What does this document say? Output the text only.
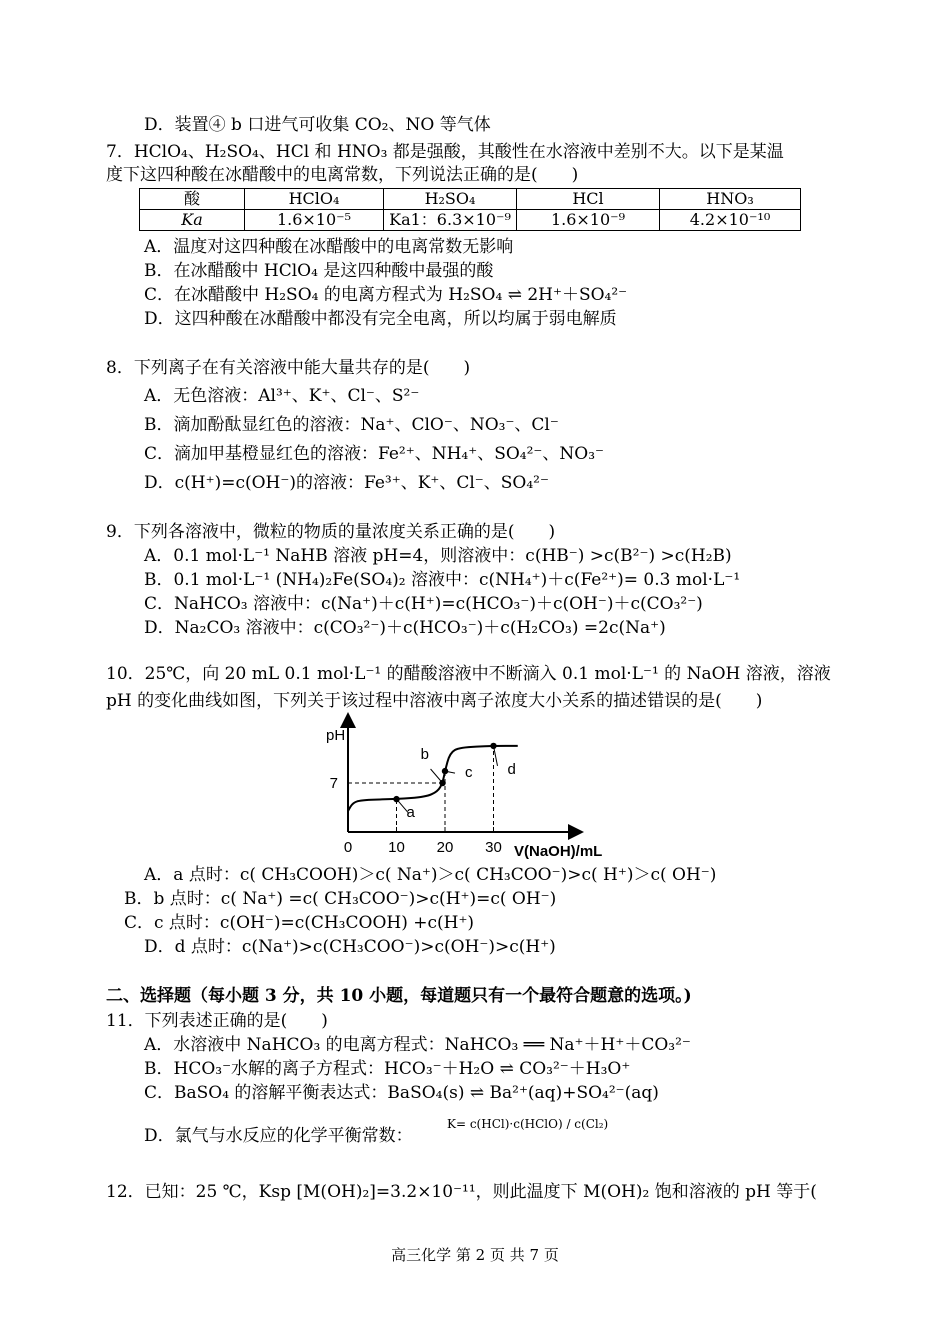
D．装置④ b 口进气可收集 CO₂、NO 等气体
7．HClO₄、H₂SO₄、HCl 和 HNO₃ 都是强酸，其酸性在水溶液中差别不大。以下是某温
度下这四种酸在冰醋酸中的电离常数，下列说法正确的是(　　)
酸	HClO₄	H₂SO₄	HCl	HNO₃
Ka	1.6×10⁻⁵	Ka1：6.3×10⁻⁹	1.6×10⁻⁹	4.2×10⁻¹⁰
A．温度对这四种酸在冰醋酸中的电离常数无影响
B．在冰醋酸中 HClO₄ 是这四种酸中最强的酸
C．在冰醋酸中 H₂SO₄ 的电离方程式为 H₂SO₄ ⇌ 2H⁺＋SO₄²⁻
D．这四种酸在冰醋酸中都没有完全电离，所以均属于弱电解质
8．下列离子在有关溶液中能大量共存的是(　　)
A．无色溶液：Al³⁺、K⁺、Cl⁻、S²⁻
B．滴加酚酞显红色的溶液：Na⁺、ClO⁻、NO₃⁻、Cl⁻
C．滴加甲基橙显红色的溶液：Fe²⁺、NH₄⁺、SO₄²⁻、NO₃⁻
D．c(H⁺)=c(OH⁻)的溶液：Fe³⁺、K⁺、Cl⁻、SO₄²⁻
9．下列各溶液中，微粒的物质的量浓度关系正确的是(　　)
A．0.1 mol·L⁻¹ NaHB 溶液 pH=4，则溶液中：c(HB⁻) >c(B²⁻) >c(H₂B)
B．0.1 mol·L⁻¹ (NH₄)₂Fe(SO₄)₂ 溶液中：c(NH₄⁺)＋c(Fe²⁺)= 0.3 mol·L⁻¹
C．NaHCO₃ 溶液中：c(Na⁺)＋c(H⁺)=c(HCO₃⁻)＋c(OH⁻)＋c(CO₃²⁻)
D．Na₂CO₃ 溶液中：c(CO₃²⁻)＋c(HCO₃⁻)＋c(H₂CO₃) =2c(Na⁺)
10．25℃，向 20 mL 0.1 mol·L⁻¹ 的醋酸溶液中不断滴入 0.1 mol·L⁻¹ 的 NaOH 溶液，溶液
pH 的变化曲线如图，下列关于该过程中溶液中离子浓度大小关系的描述错误的是(　　)
0 10 20 30
7
a
b
c d
pH
V(NaOH)/mL
A．a 点时：c( CH₃COOH)＞c( Na⁺)＞c( CH₃COO⁻)>c( H⁺)＞c( OH⁻)
B．b 点时：c( Na⁺) =c( CH₃COO⁻)>c(H⁺)=c( OH⁻)
C．c 点时：c(OH⁻)=c(CH₃COOH) +c(H⁺)
D．d 点时：c(Na⁺)>c(CH₃COO⁻)>c(OH⁻)>c(H⁺)
二、选择题（每小题 3 分，共 10 小题，每道题只有一个最符合题意的选项。)
11．下列表述正确的是(　　)
A．水溶液中 NaHCO₃ 的电离方程式：NaHCO₃ ══ Na⁺＋H⁺＋CO₃²⁻
B．HCO₃⁻水解的离子方程式：HCO₃⁻＋H₂O ⇌ CO₃²⁻＋H₃O⁺
C．BaSO₄ 的溶解平衡表达式：BaSO₄(s) ⇌ Ba²⁺(aq)+SO₄²⁻(aq)
D．氯气与水反应的化学平衡常数：
K= c(HCl)·c(HClO) / c(Cl₂)
12．已知：25 ℃，Ksp [M(OH)₂]=3.2×10⁻¹¹，则此温度下 M(OH)₂ 饱和溶液的 pH 等于(
高三化学 第 2 页 共 7 页
